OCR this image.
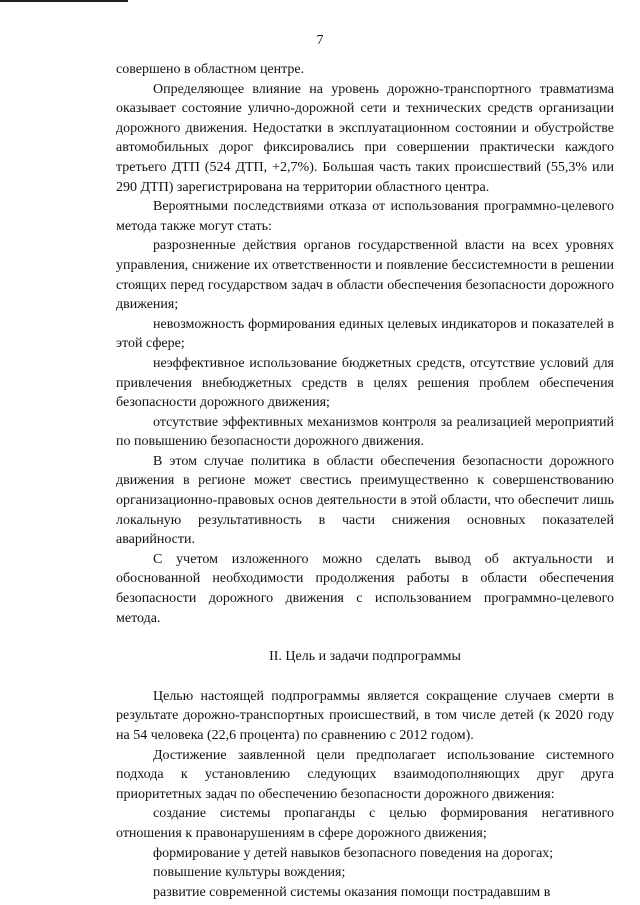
7

совершено в областном центре.

Определяющее влияние на уровень дорожно-транспортного травматизма оказывает состояние улично-дорожной сети и технических средств организации дорожного движения. Недостатки в эксплуатационном состоянии и обустройстве автомобильных дорог фиксировались при совершении практически каждого третьего ДТП (524 ДТП, +2,7%). Большая часть таких происшествий (55,3% или 290 ДТП) зарегистрирована на территории областного центра.

Вероятными последствиями отказа от использования программно-целевого метода также могут стать:

разрозненные действия органов государственной власти на всех уровнях управления, снижение их ответственности и появление бессистемности в решении стоящих перед государством задач в области обеспечения безопасности дорожного движения;

невозможность формирования единых целевых индикаторов и показателей в этой сфере;

неэффективное использование бюджетных средств, отсутствие условий для привлечения внебюджетных средств в целях решения проблем обеспечения безопасности дорожного движения;

отсутствие эффективных механизмов контроля за реализацией мероприятий по повышению безопасности дорожного движения.

В этом случае политика в области обеспечения безопасности дорожного движения в регионе может свестись преимущественно к совершенствованию организационно-правовых основ деятельности в этой области, что обеспечит лишь локальную результативность в части снижения основных показателей аварийности.

С учетом изложенного можно сделать вывод об актуальности и обоснованной необходимости продолжения работы в области обеспечения безопасности дорожного движения с использованием программно-целевого метода.

II. Цель и задачи подпрограммы

Целью настоящей подпрограммы является сокращение случаев смерти в результате дорожно-транспортных происшествий, в том числе детей (к 2020 году на 54 человека (22,6 процента) по сравнению с 2012 годом).

Достижение заявленной цели предполагает использование системного подхода к установлению следующих взаимодополняющих друг друга приоритетных задач по обеспечению безопасности дорожного движения:

создание системы пропаганды с целью формирования негативного отношения к правонарушениям в сфере дорожного движения;

формирование у детей навыков безопасного поведения на дорогах;

повышение культуры вождения;

развитие современной системы оказания помощи пострадавшим в
